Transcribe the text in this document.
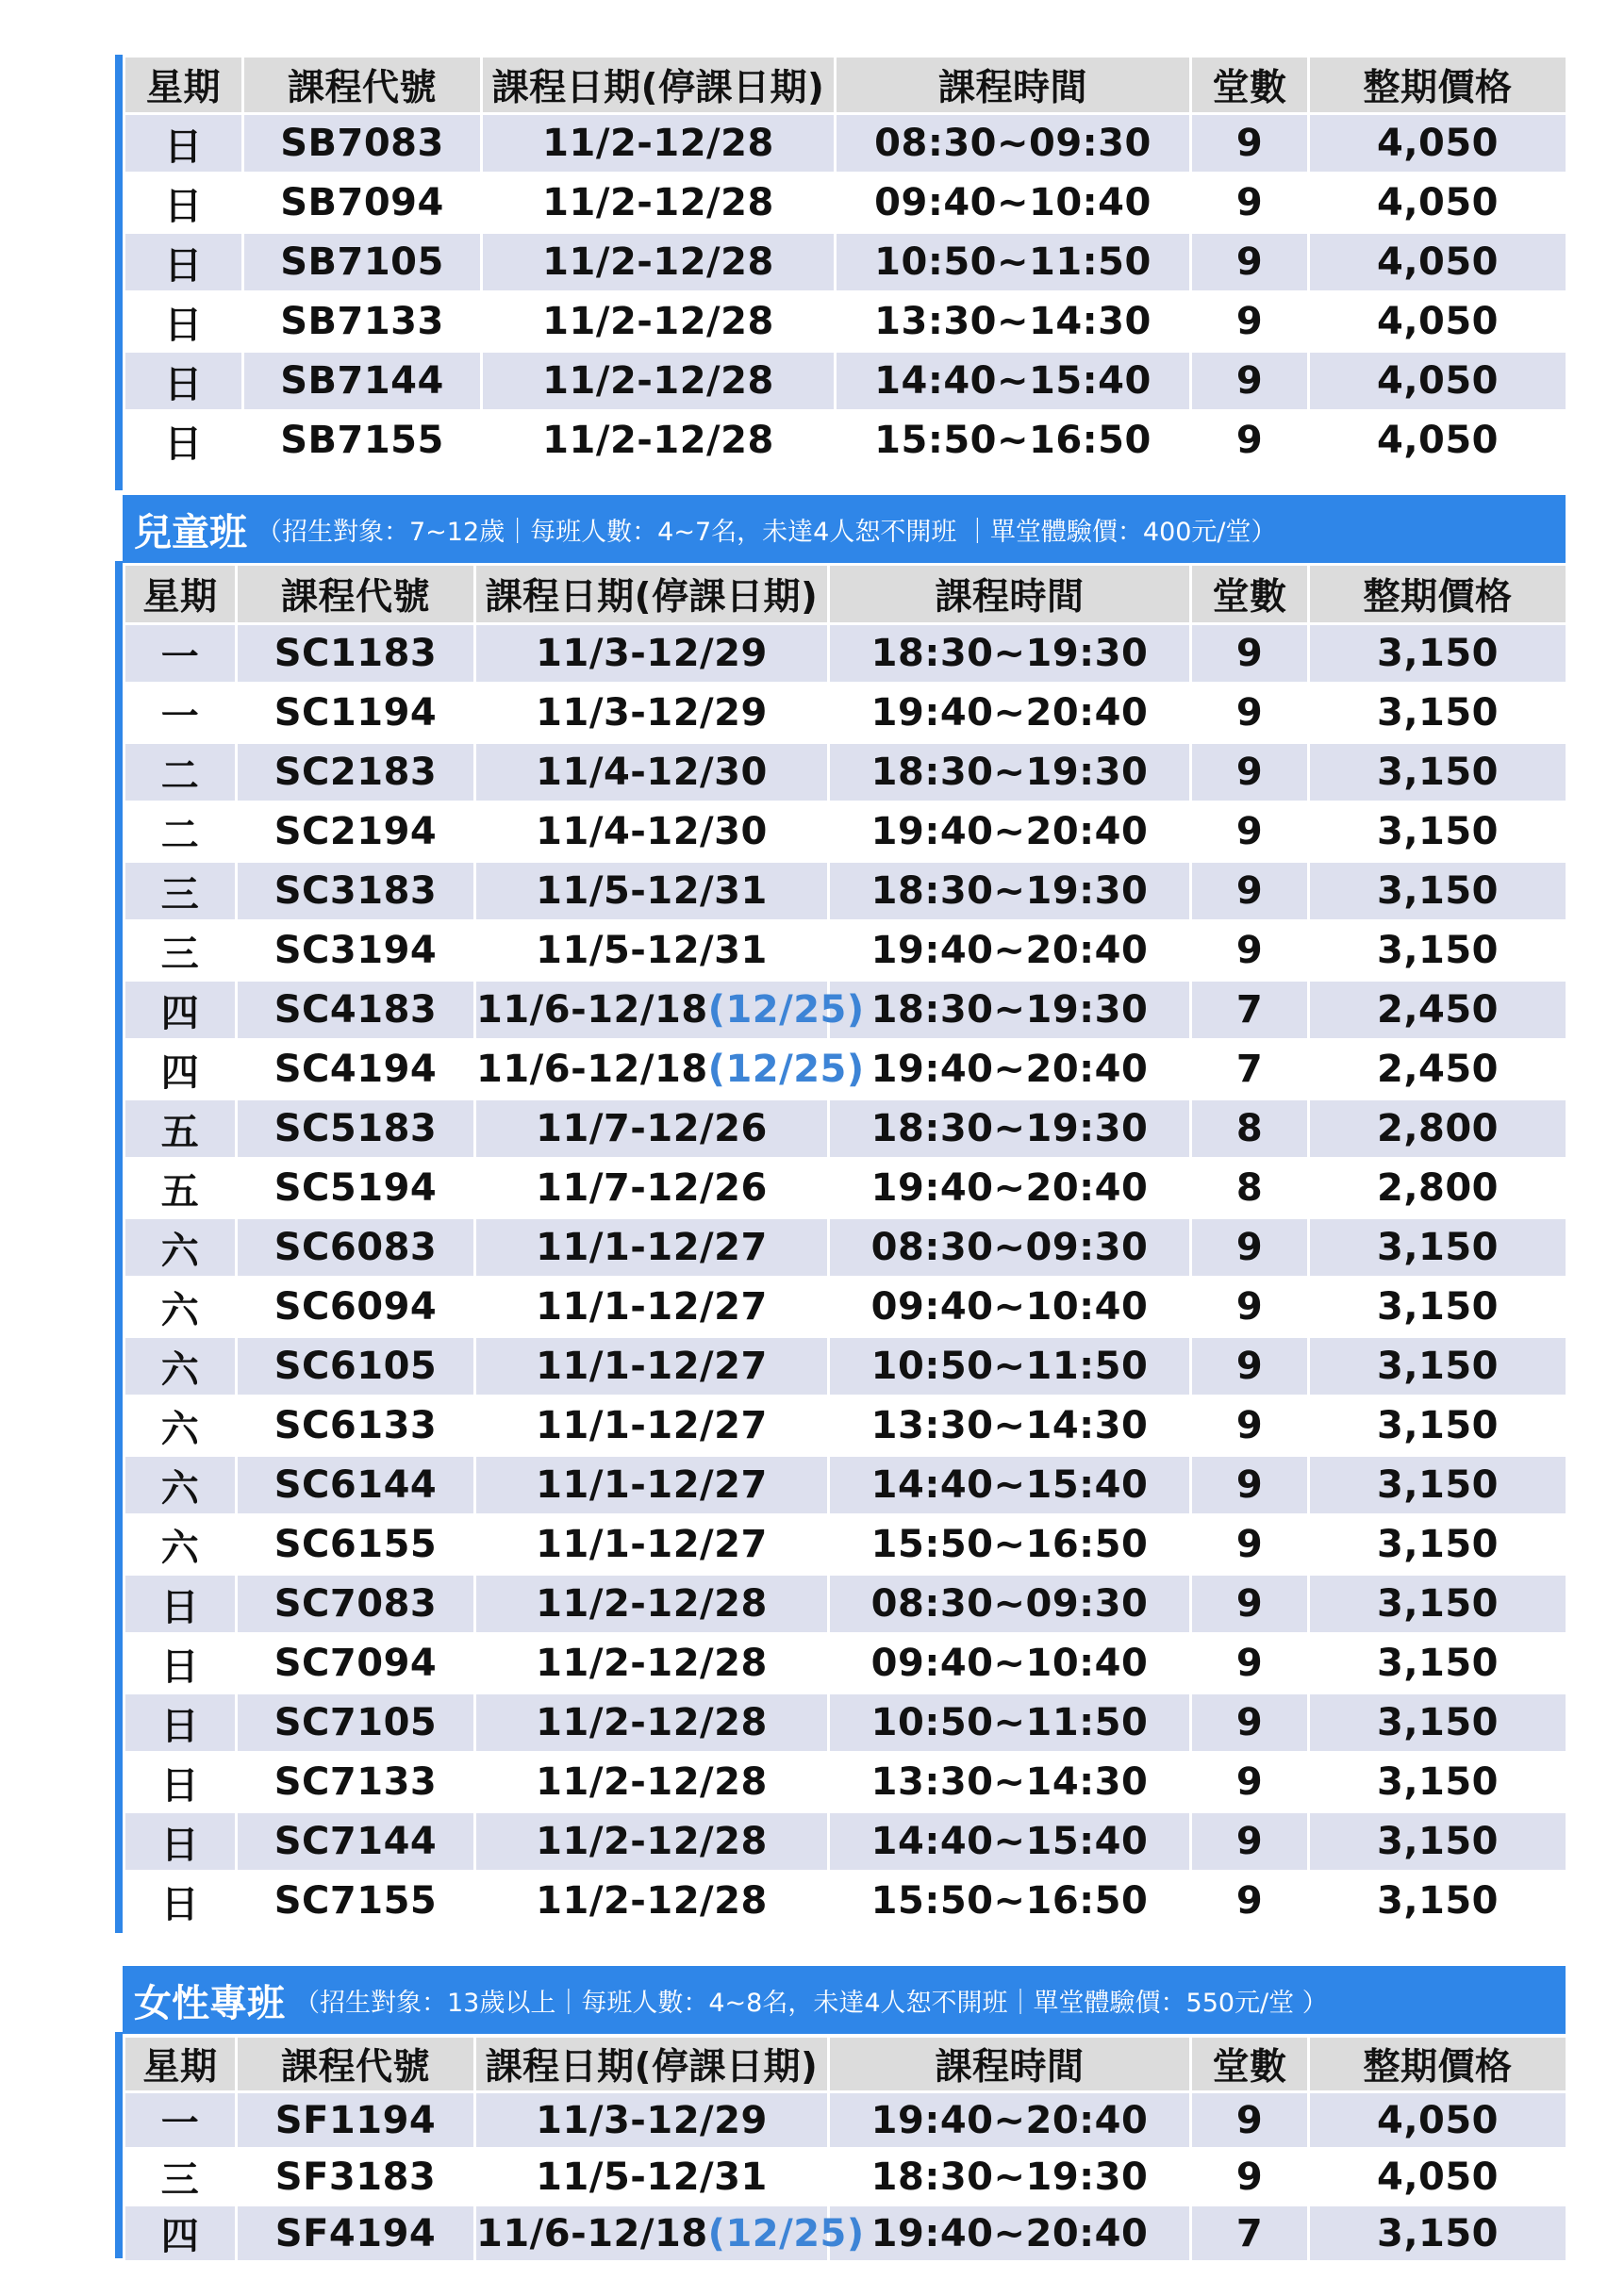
星期	課程代號	課程日期(停課日期)	課程時間	堂數	整期價格
日	SB7083	11/2-12/28	08:30~09:30	9	4,050
日	SB7094	11/2-12/28	09:40~10:40	9	4,050
日	SB7105	11/2-12/28	10:50~11:50	9	4,050
日	SB7133	11/2-12/28	13:30~14:30	9	4,050
日	SB7144	11/2-12/28	14:40~15:40	9	4,050
日	SB7155	11/2-12/28	15:50~16:50	9	4,050
兒童班 （招生對象：7~12歲｜每班人數：4~7名，未達4人恕不開班 ｜單堂體驗價：400元/堂）
星期	課程代號	課程日期(停課日期)	課程時間	堂數	整期價格
一	SC1183	11/3-12/29	18:30~19:30	9	3,150
一	SC1194	11/3-12/29	19:40~20:40	9	3,150
二	SC2183	11/4-12/30	18:30~19:30	9	3,150
二	SC2194	11/4-12/30	19:40~20:40	9	3,150
三	SC3183	11/5-12/31	18:30~19:30	9	3,150
三	SC3194	11/5-12/31	19:40~20:40	9	3,150
四	SC4183	11/6-12/18(12/25)	18:30~19:30	7	2,450
四	SC4194	11/6-12/18(12/25)	19:40~20:40	7	2,450
五	SC5183	11/7-12/26	18:30~19:30	8	2,800
五	SC5194	11/7-12/26	19:40~20:40	8	2,800
六	SC6083	11/1-12/27	08:30~09:30	9	3,150
六	SC6094	11/1-12/27	09:40~10:40	9	3,150
六	SC6105	11/1-12/27	10:50~11:50	9	3,150
六	SC6133	11/1-12/27	13:30~14:30	9	3,150
六	SC6144	11/1-12/27	14:40~15:40	9	3,150
六	SC6155	11/1-12/27	15:50~16:50	9	3,150
日	SC7083	11/2-12/28	08:30~09:30	9	3,150
日	SC7094	11/2-12/28	09:40~10:40	9	3,150
日	SC7105	11/2-12/28	10:50~11:50	9	3,150
日	SC7133	11/2-12/28	13:30~14:30	9	3,150
日	SC7144	11/2-12/28	14:40~15:40	9	3,150
日	SC7155	11/2-12/28	15:50~16:50	9	3,150
女性專班 （招生對象：13歲以上｜每班人數：4~8名，未達4人恕不開班｜單堂體驗價：550元/堂 ）
星期	課程代號	課程日期(停課日期)	課程時間	堂數	整期價格
一	SF1194	11/3-12/29	19:40~20:40	9	4,050
三	SF3183	11/5-12/31	18:30~19:30	9	4,050
四	SF4194	11/6-12/18(12/25)	19:40~20:40	7	3,150
